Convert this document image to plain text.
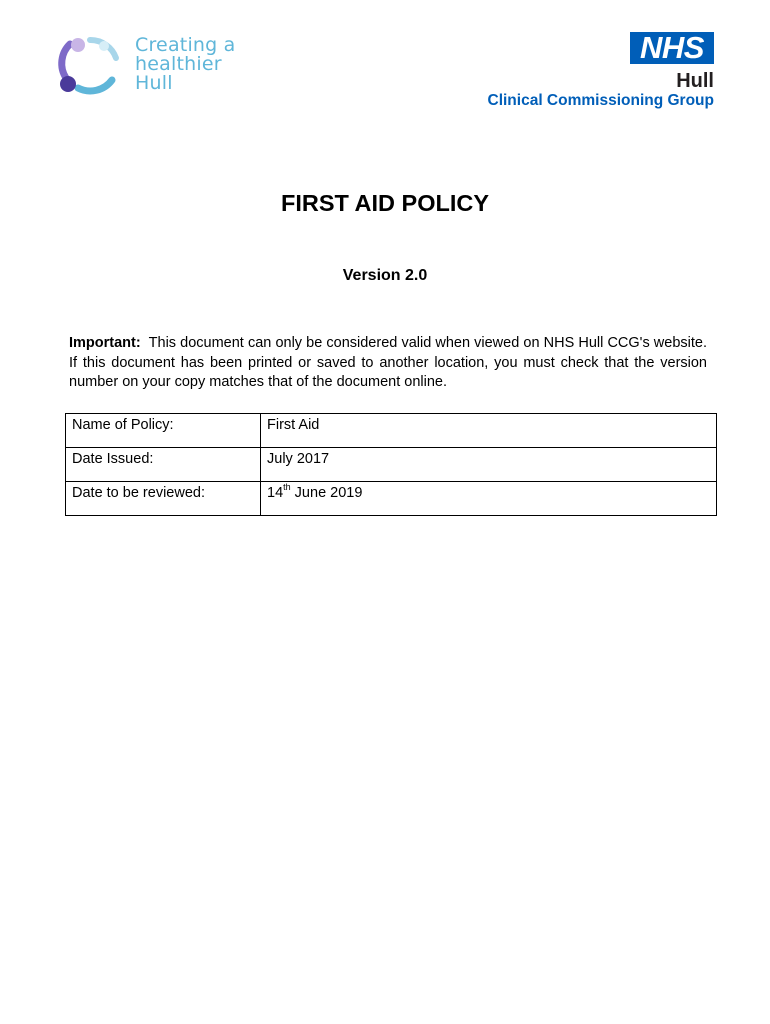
Creating a
healthier
Hull
NHS
Hull
Clinical Commissioning Group
FIRST AID POLICY
Version 2.0
Important: This document can only be considered valid when viewed on NHS Hull CCG's website. If this document has been printed or saved to another location, you must check that the version number on your copy matches that of the document online.
Name of Policy:	First Aid
Date Issued:	July 2017
Date to be reviewed:	14th June 2019
